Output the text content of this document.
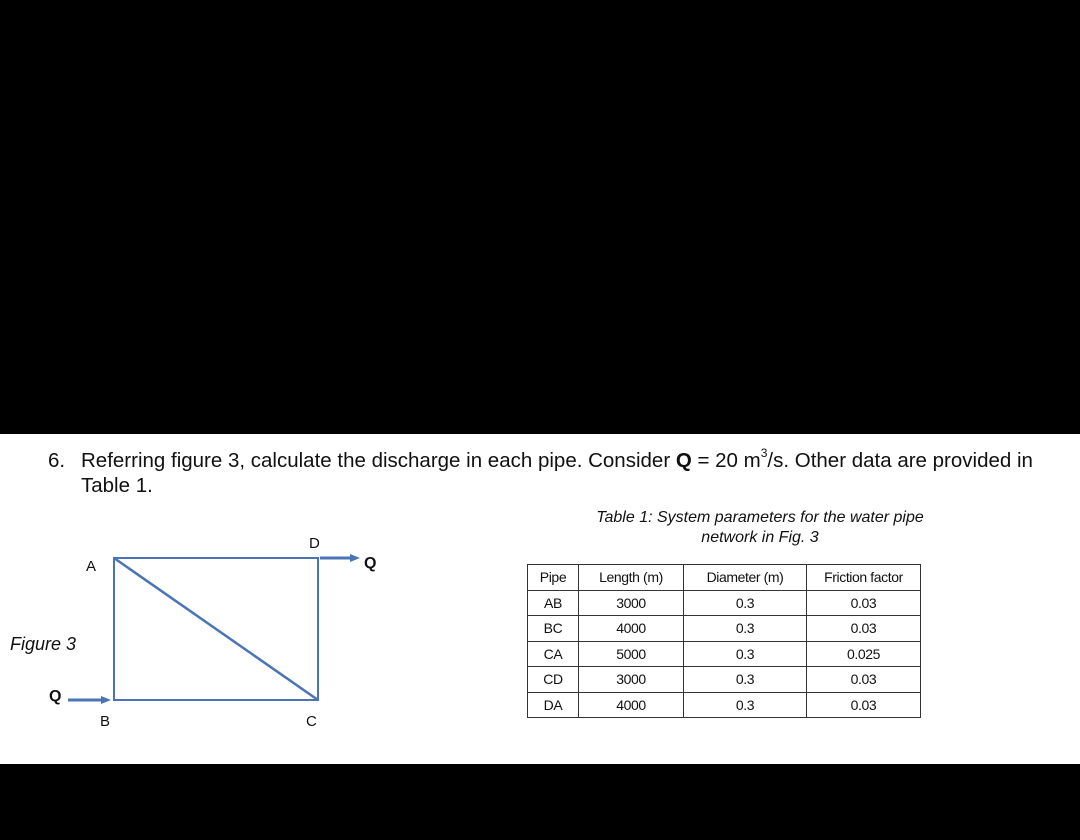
6. Referring figure 3, calculate the discharge in each pipe. Consider Q = 20 $m^3/s$. Other data are provided in Table 1.
Figure 3
A
D
B	C
Q
Q
Table 1: System parameters for the water pipe
network in Fig. 3
Pipe	Length (m)	Diameter (m)	Friction factor
AB	3000	0.3	0.03
BC	4000	0.3	0.03
CA	5000	0.3	0.025
CD	3000	0.3	0.03
DA	4000	0.3	0.03
